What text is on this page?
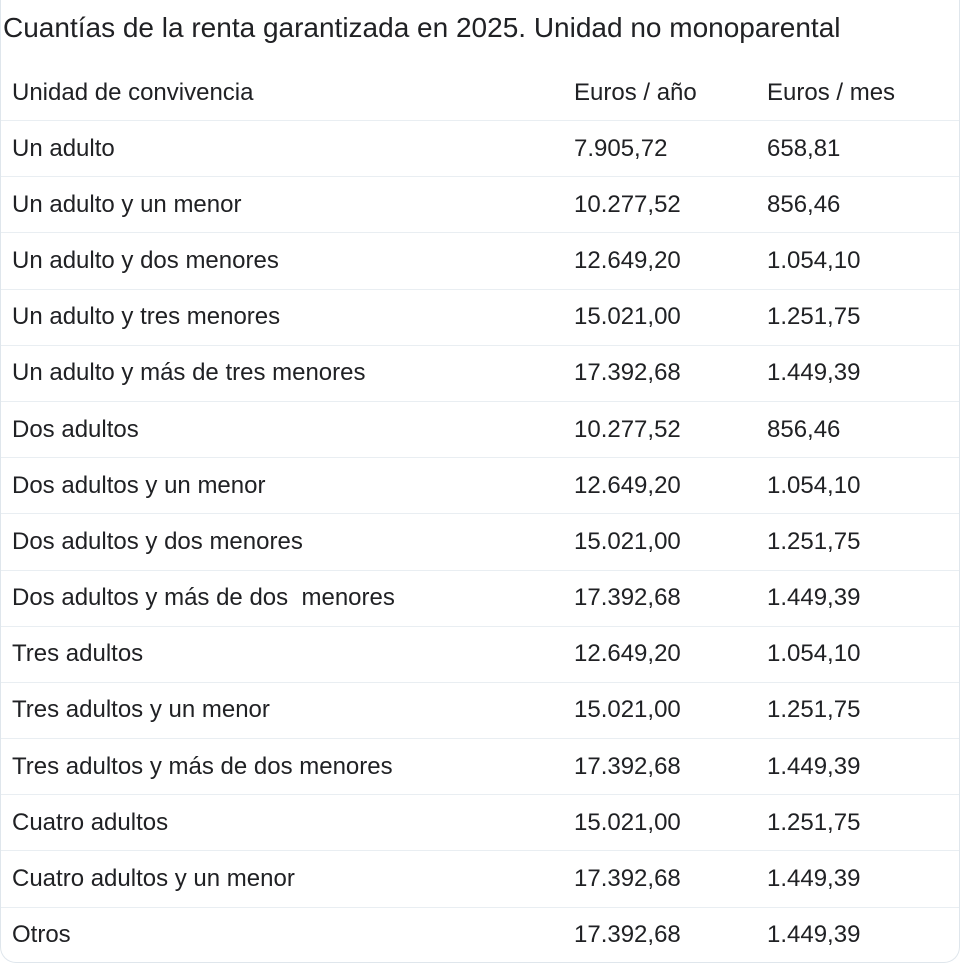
Cuantías de la renta garantizada en 2025. Unidad no monoparental
Unidad de convivencia	Euros / año	Euros / mes
Un adulto	7.905,72	658,81
Un adulto y un menor	10.277,52	856,46
Un adulto y dos menores	12.649,20	1.054,10
Un adulto y tres menores	15.021,00	1.251,75
Un adulto y más de tres menores	17.392,68	1.449,39
Dos adultos	10.277,52	856,46
Dos adultos y un menor	12.649,20	1.054,10
Dos adultos y dos menores	15.021,00	1.251,75
Dos adultos y más de dos  menores	17.392,68	1.449,39
Tres adultos	12.649,20	1.054,10
Tres adultos y un menor	15.021,00	1.251,75
Tres adultos y más de dos menores	17.392,68	1.449,39
Cuatro adultos	15.021,00	1.251,75
Cuatro adultos y un menor	17.392,68	1.449,39
Otros	17.392,68	1.449,39
